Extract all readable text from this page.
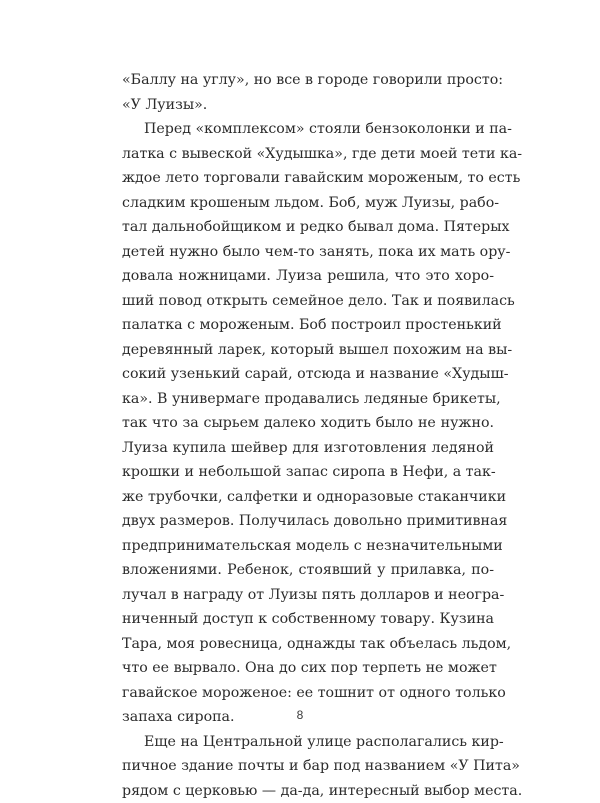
«Баллу на углу», но все в городе говорили просто:
«У Луизы».

Перед «комплексом» стояли бензоколонки и па-
латка с вывеской «Худышка», где дети моей тети ка-
ждое лето торговали гавайским мороженым, то есть
сладким крошеным льдом. Боб, муж Луизы, рабо-
тал дальнобойщиком и редко бывал дома. Пятерых
детей нужно было чем-то занять, пока их мать ору-
довала ножницами. Луиза решила, что это хоро-
ший повод открыть семейное дело. Так и появилась
палатка с мороженым. Боб построил простенький
деревянный ларек, который вышел похожим на вы-
сокий узенький сарай, отсюда и название «Худыш-
ка». В универмаге продавались ледяные брикеты,
так что за сырьем далеко ходить было не нужно.
Луиза купила шейвер для изготовления ледяной
крошки и небольшой запас сиропа в Нефи, а так-
же трубочки, салфетки и одноразовые стаканчики
двух размеров. Получилась довольно примитивная
предпринимательская модель с незначительными
вложениями. Ребенок, стоявший у прилавка, по-
лучал в награду от Луизы пять долларов и неогра-
ниченный доступ к собственному товару. Кузина
Тара, моя ровесница, однажды так объелась льдом,
что ее вырвало. Она до сих пор терпеть не может
гавайское мороженое: ее тошнит от одного только
запаха сиропа.

Еще на Центральной улице располагались кир-
пичное здание почты и бар под названием «У Пита»
рядом с церковью — да-да, интересный выбор места.

8
